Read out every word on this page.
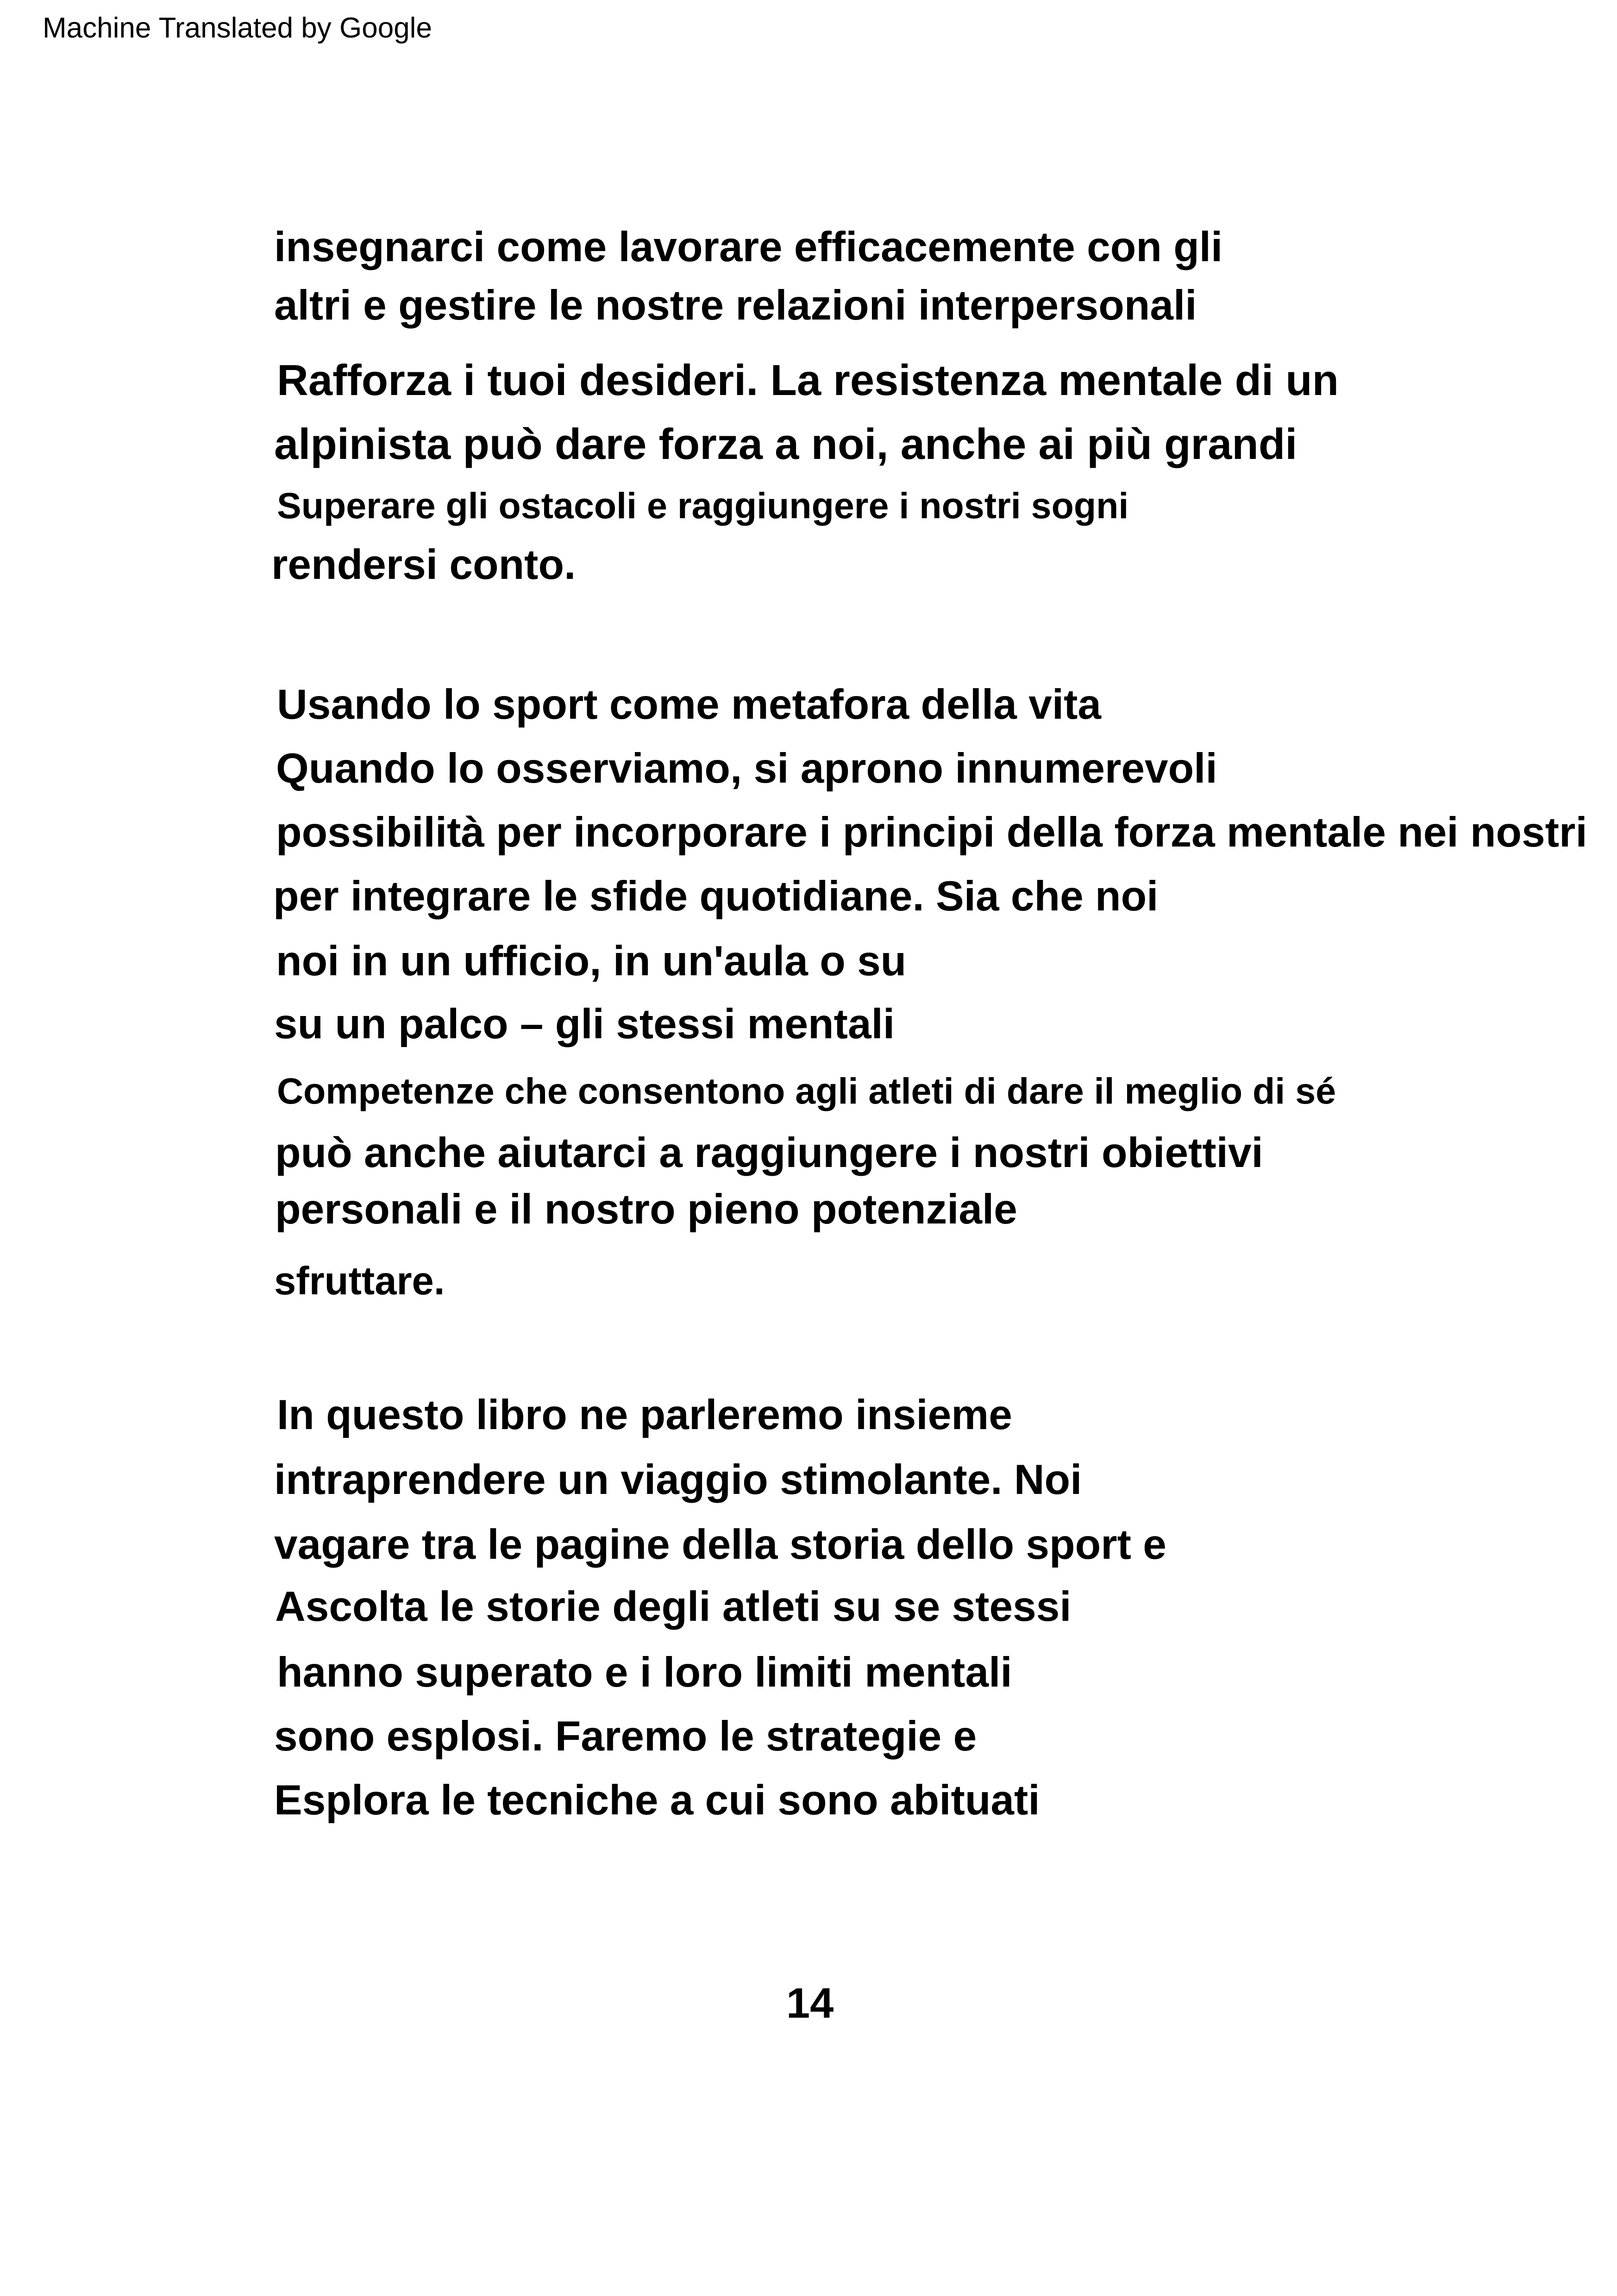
Machine Translated by Google
insegnarci come lavorare efficacemente con gli
altri e gestire le nostre relazioni interpersonali
Rafforza i tuoi desideri. La resistenza mentale di un
alpinista può dare forza a noi, anche ai più grandi
Superare gli ostacoli e raggiungere i nostri sogni
rendersi conto.
Usando lo sport come metafora della vita
Quando lo osserviamo, si aprono innumerevoli
possibilità per incorporare i principi della forza mentale nei nostri
per integrare le sfide quotidiane. Sia che noi
noi in un ufficio, in un'aula o su
su un palco – gli stessi mentali
Competenze che consentono agli atleti di dare il meglio di sé
può anche aiutarci a raggiungere i nostri obiettivi
personali e il nostro pieno potenziale
sfruttare.
In questo libro ne parleremo insieme
intraprendere un viaggio stimolante. Noi
vagare tra le pagine della storia dello sport e
Ascolta le storie degli atleti su se stessi
hanno superato e i loro limiti mentali
sono esplosi. Faremo le strategie e
Esplora le tecniche a cui sono abituati
14
